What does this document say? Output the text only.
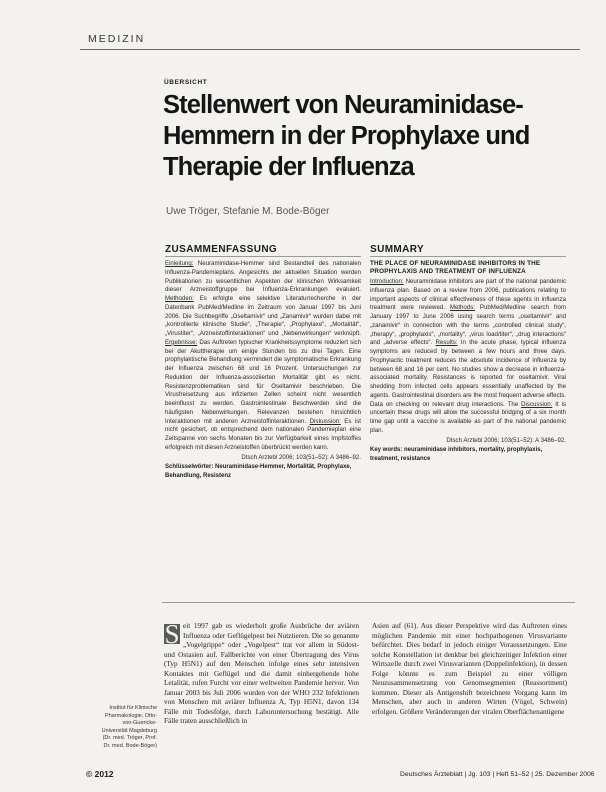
MEDIZIN
ÜBERSICHT
Stellenwert von Neuraminidase-Hemmern in der Prophylaxe und Therapie der Influenza
Uwe Tröger, Stefanie M. Bode-Böger
ZUSAMMENFASSUNG
Einleitung: Neuraminidase-Hemmer sind Bestandteil des nationalen Influenza-Pandemieplans. Angesichts der aktuellen Situation werden Publikationen zu wesentlichen Aspekten der klinischen Wirksamkeit dieser Arzneistoffgruppe bei Influenza-Erkrankungen evaluiert. Methoden: Es erfolgte eine selektive Literaturrecherche in der Datenbank PubMed/Medline im Zeitraum von Januar 1997 bis Juni 2006. Die Suchbegriffe „Oseltamivir“ und „Zanamivir“ wurden dabei mit „kontrollierte klinische Studie“, „Therapie“, „Prophylaxe“, „Mortalität“, „Virustiter“, „Arzneistoffinteraktionen“ und „Nebenwirkungen“ verknüpft. Ergebnisse: Das Auftreten typischer Krankheitssymptome reduziert sich bei der Akuttherapie um einige Stunden bis zu drei Tagen. Eine prophylaktische Behandlung vermindert die symptomatische Erkrankung der Influenza zwischen 68 und 16 Prozent. Untersuchungen zur Reduktion der Influenza-assoziierten Mortalität gibt es nicht. Resistenzproblematiken sind für Oseltamivir beschrieben. Die Virusfreisetzung aus infizierten Zellen scheint nicht wesentlich beeinflusst zu werden. Gastrointestinale Beschwerden sind die häufigsten Nebenwirkungen. Relevanzen bestehen hinsichtlich Interaktionen mit anderen Arzneistoffinteraktionen. Diskussion: Es ist nicht gesichert, ob entsprechend dem nationalen Pandemieplan eine Zeitspanne von sechs Monaten bis zur Verfügbarkeit eines Impfstoffes erfolgreich mit diesen Arzneistoffen überbrückt werden kann.
Dtsch Arztebl 2006; 103(51–52): A 3486–92.
Schlüsselwörter: Neuraminidase-Hemmer, Mortalität, Prophylaxe, Behandlung, Resistenz
SUMMARY
THE PLACE OF NEURAMINIDASE INHIBITORS IN THE PROPHYLAXIS AND TREATMENT OF INFLUENZA
Introduction: Neuraminidase inhibitors are part of the national pandemic influenza plan. Based on a review from 2006, publications relating to important aspects of clinical effectiveness of these agents in influenza treatment were reviewed. Methods: PubMed/Medline search from January 1997 to June 2006 using search terms „oseltamivir“ and „zanamivir“ in connection with the terms „controlled clinical study“, „therapy“, „prophylaxis“, „mortality“, „virus load/titer“, „drug interactions“ and „adverse effects“. Results: In the acute phase, typical influenza symptoms are reduced by between a few hours and three days. Prophylactic treatment reduces the absolute incidence of influenza by between 68 and 16 per cent. No studies show a decrease in influenza-associated mortality. Resistances is reported for oseltamivir. Viral shedding from infected cells appears essentially unaffected by the agents. Gastrointestinal disorders are the most frequent adverse effects. Data on checking on relevant drug interactions. The Discussion: It is uncertain these drugs will allow the successful bridging of a six month time gap until a vaccine is available as part of the national pandemic plan.
Dtsch Arztebl 2006; 103(51–52): A 3486–92.
Key words: neuraminidase inhibitors, mortality, prophylaxis, treatment, resistance

S eit 1997 gab es wiederholt große Ausbrüche der aviären Influenza oder Geflügelpest bei Nutztieren. Die so genannte „Vogelgrippe“ oder „Vogelpest“ trat vor allem in Südost- und Ostasien auf. Fallberichte von einer Übertragung des Virus (Typ H5N1) auf den Menschen infolge eines sehr intensiven Kontaktes mit Geflügel und die damit einhergehende hohe Letalität, rufen Furcht vor einer weltweiten Pandemie hervor. Von Januar 2003 bis Juli 2006 wurden von der WHO 232 Infektionen von Menschen mit aviärer Influenza A, Typ H5N1, davon 134 Fälle mit Todesfolge, durch Laboruntersuchung bestätigt. Alle Fälle traten ausschließlich in

Asien auf (61). Aus dieser Perspektive wird das Auftreten eines möglichen Pandemie mit einer hochpathogenen Virusvariante befürchtet. Dies bedarf in jedoch einiger Voraussetzungen. Eine solche Konstellation ist denkbar bei gleichzeitiger Infektion einer Wirtszelle durch zwei Virusvarianten (Doppelinfektion), in dessen Folge könnte es zum Beispiel zu einer völligen Neuzusammensetzung von Genomsegmenten (Reassortment) kommen. Dieser als Antigenshift bezeichnete Vorgang kann im Menschen, aber auch in anderen Wirten (Vögel, Schwein) erfolgen. Größere Veränderungen der viralen Oberflächenantigene

Institut für Klinische Pharmakologie, Otto-von-Guericke-Universität Magdeburg (Dr. med. Tröger, Prof. Dr. med. Bode-Böger)
© 2012	Deutsches Ärzteblatt | Jg. 103 | Heft 51–52 | 25. Dezember 2006
